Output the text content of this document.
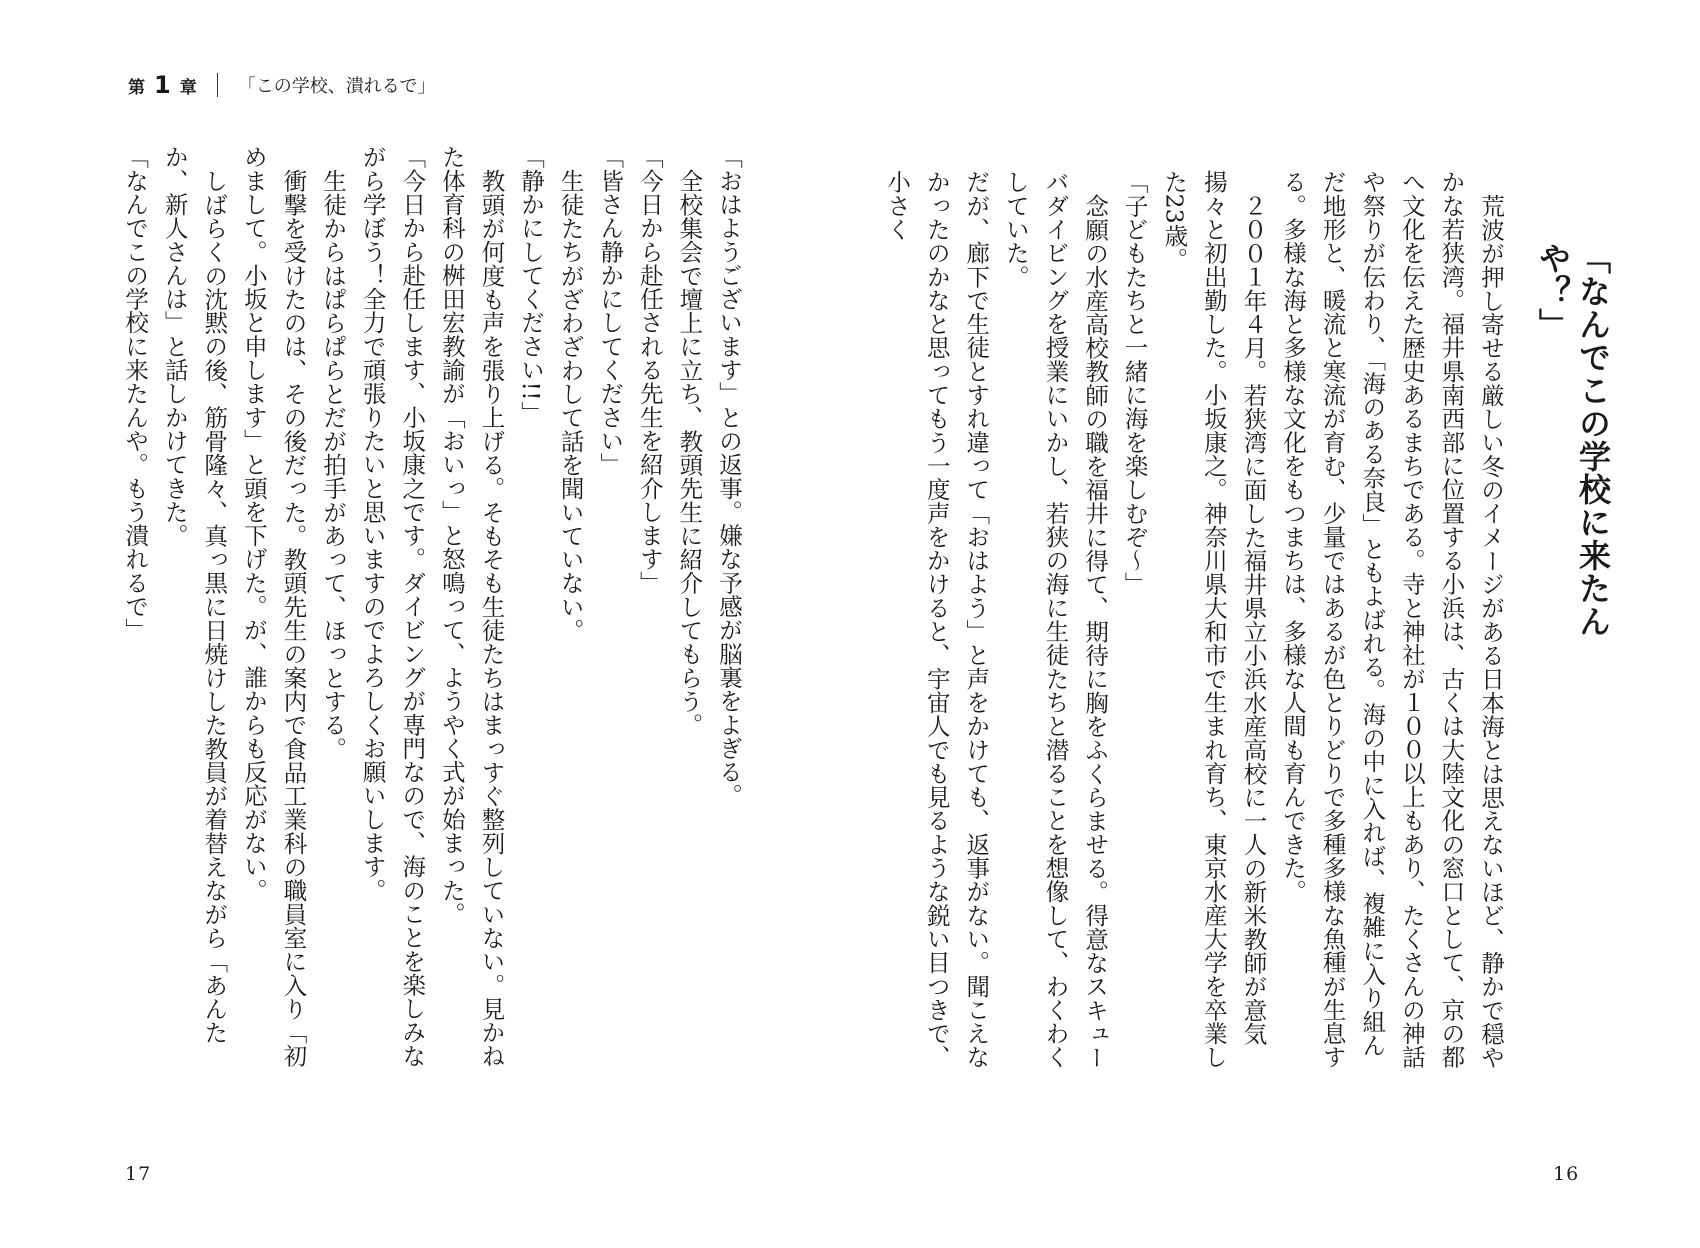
第 1 章 「この学校、潰れるで」
「なんでこの学校に来たんや？」

荒波が押し寄せる厳しい冬のイメージがある日本海とは思えないほど、静かで穏やかな若狭湾。福井県南西部に位置する小浜は、古くは大陸文化の窓口として、京の都へ文化を伝えた歴史あるまちである。寺と神社が１００以上もあり、たくさんの神話や祭りが伝わり、「海のある奈良」ともよばれる。海の中に入れば、複雑に入り組んだ地形と、暖流と寒流が育む、少量ではあるが色とりどりで多種多様な魚種が生息する。多様な海と多様な文化をもつまちは、多様な人間も育んできた。

２００１年４月。若狭湾に面した福井県立小浜水産高校に一人の新米教師が意気揚々と初出勤した。小坂康之。神奈川県大和市で生まれ育ち、東京水産大学を卒業した23歳。

「子どもたちと一緒に海を楽しむぞ～」

念願の水産高校教師の職を福井に得て、期待に胸をふくらませる。得意なスキューバダイビングを授業にいかし、若狭の海に生徒たちと潜ることを想像して、わくわくしていた。

だが、廊下で生徒とすれ違って「おはよう」と声をかけても、返事がない。聞こえなかったのかなと思ってもう一度声をかけると、宇宙人でも見るような鋭い目つきで、小さく

「おはようございます」との返事。嫌な予感が脳裏をよぎる。

全校集会で壇上に立ち、教頭先生に紹介してもらう。

「今日から赴任される先生を紹介します」

「皆さん静かにしてください」

生徒たちがざわざわして話を聞いていない。

「静かにしてください!!」

教頭が何度も声を張り上げる。そもそも生徒たちはまっすぐ整列していない。見かねた体育科の桝田宏教諭が「おいっ」と怒鳴って、ようやく式が始まった。

「今日から赴任します、小坂康之です。ダイビングが専門なので、海のことを楽しみながら学ぼう！全力で頑張りたいと思いますのでよろしくお願いします。

生徒からはぱらぱらとだが拍手があって、ほっとする。

衝撃を受けたのは、その後だった。教頭先生の案内で食品工業科の職員室に入り「初めまして。小坂と申します」と頭を下げた。が、誰からも反応がない。

しばらくの沈黙の後、筋骨隆々、真っ黒に日焼けした教員が着替えながら「あんたか、新人さんは」と話しかけてきた。

「なんでこの学校に来たんや。もう潰れるで」

17	16
